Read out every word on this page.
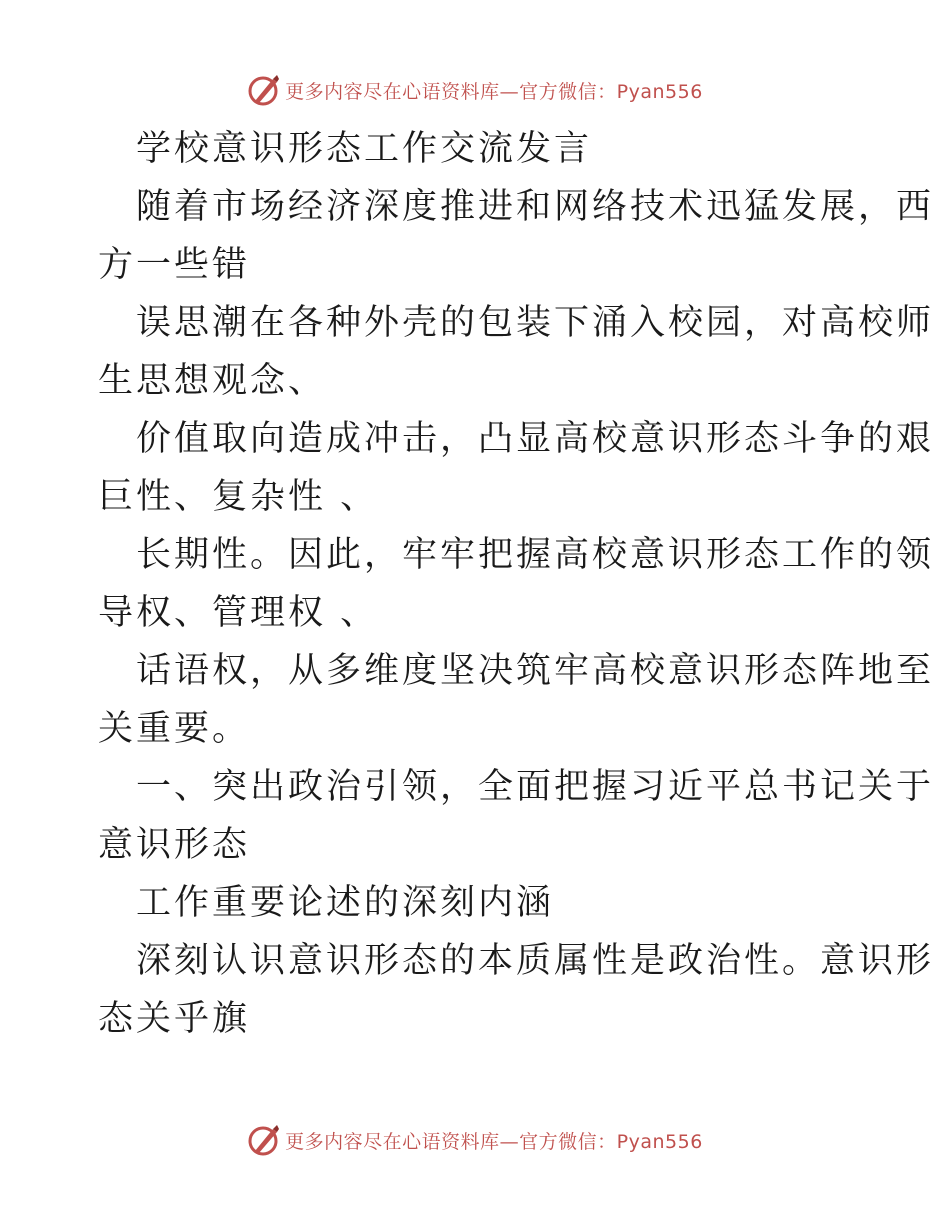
更多内容尽在心语资料库—官方微信：Pyan556
学校意识形态工作交流发言
随着市场经济深度推进和网络技术迅猛发展，西
方一些错
误思潮在各种外壳的包装下涌入校园，对高校师
生思想观念、
价值取向造成冲击，凸显高校意识形态斗争的艰
巨性、复杂性 、
长期性。因此，牢牢把握高校意识形态工作的领
导权、管理权 、
话语权，从多维度坚决筑牢高校意识形态阵地至
关重要。
一、突出政治引领，全面把握习近平总书记关于
意识形态
工作重要论述的深刻内涵
深刻认识意识形态的本质属性是政治性。意识形
态关乎旗
更多内容尽在心语资料库—官方微信：Pyan556
